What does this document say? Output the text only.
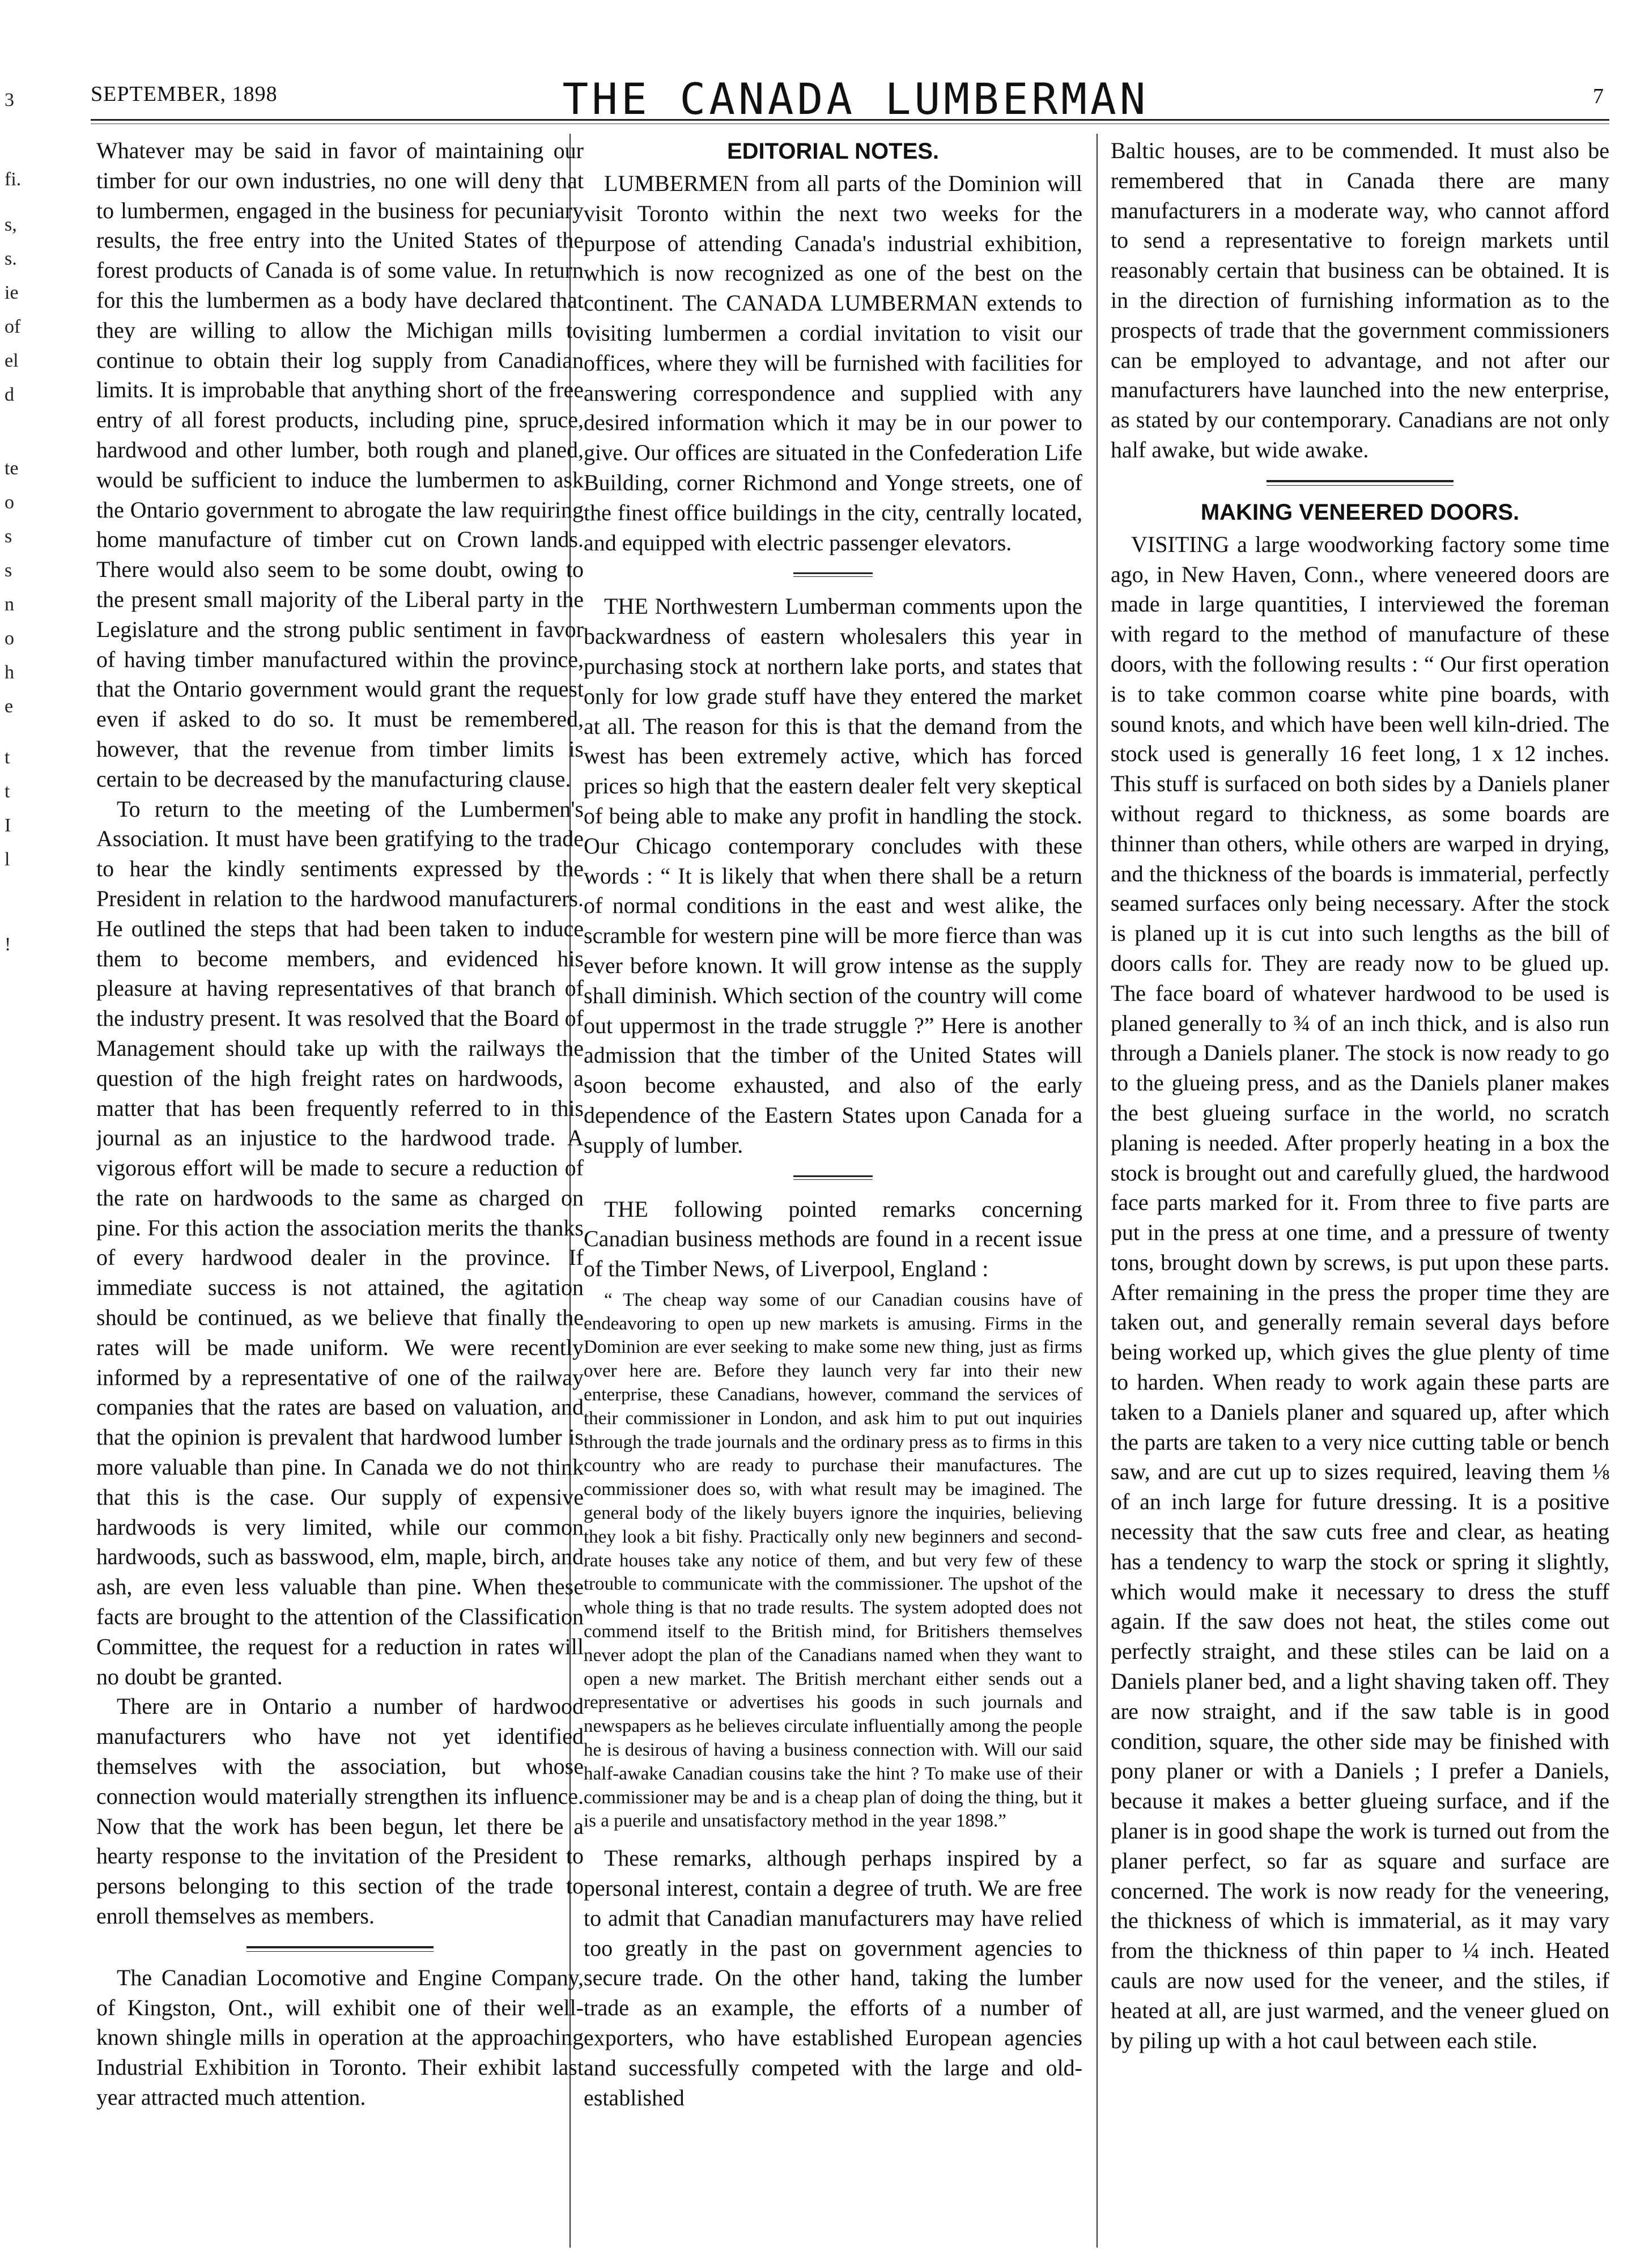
3
fi.
s,
s.
ie
of
el
d
te
o
s
s
n
o
h
e
t
t
I
l
!
SEPTEMBER, 1898	THE CANADA LUMBERMAN	7

Whatever may be said in favor of maintaining our timber for our own industries, no one will deny that to lumbermen, engaged in the business for pecuniary results, the free entry into the United States of the forest products of Canada is of some value. In return for this the lumbermen as a body have declared that they are willing to allow the Michigan mills to continue to obtain their log supply from Canadian limits. It is improbable that anything short of the free entry of all forest products, including pine, spruce, hardwood and other lumber, both rough and planed, would be sufficient to induce the lumbermen to ask the Ontario government to abrogate the law requiring home manufacture of timber cut on Crown lands. There would also seem to be some doubt, owing to the present small majority of the Liberal party in the Legislature and the strong public sentiment in favor of having timber manufactured within the province, that the Ontario government would grant the request even if asked to do so. It must be remembered, however, that the revenue from timber limits is certain to be decreased by the manufacturing clause.

To return to the meeting of the Lumbermen's Association. It must have been gratifying to the trade to hear the kindly sentiments expressed by the President in relation to the hardwood manufacturers. He outlined the steps that had been taken to induce them to become members, and evidenced his pleasure at having representatives of that branch of the industry present. It was resolved that the Board of Management should take up with the railways the question of the high freight rates on hardwoods, a matter that has been frequently referred to in this journal as an injustice to the hardwood trade. A vigorous effort will be made to secure a reduction of the rate on hardwoods to the same as charged on pine. For this action the association merits the thanks of every hardwood dealer in the province. If immediate success is not attained, the agitation should be continued, as we believe that finally the rates will be made uniform. We were recently informed by a representative of one of the railway companies that the rates are based on valuation, and that the opinion is prevalent that hardwood lumber is more valuable than pine. In Canada we do not think that this is the case. Our supply of expensive hardwoods is very limited, while our common hardwoods, such as basswood, elm, maple, birch, and ash, are even less valuable than pine. When these facts are brought to the attention of the Classification Committee, the request for a reduction in rates will no doubt be granted.

There are in Ontario a number of hardwood manufacturers who have not yet identified themselves with the association, but whose connection would materially strengthen its influence. Now that the work has been begun, let there be a hearty response to the invitation of the President to persons belonging to this section of the trade to enroll themselves as members.

The Canadian Locomotive and Engine Company, of Kingston, Ont., will exhibit one of their well-known shingle mills in operation at the approaching Industrial Exhibition in Toronto. Their exhibit last year attracted much attention.

EDITORIAL NOTES.

LUMBERMEN from all parts of the Dominion will visit Toronto within the next two weeks for the purpose of attending Canada's industrial exhibition, which is now recognized as one of the best on the continent. The CANADA LUMBERMAN extends to visiting lumbermen a cordial invitation to visit our offices, where they will be furnished with facilities for answering correspondence and supplied with any desired information which it may be in our power to give. Our offices are situated in the Confederation Life Building, corner Richmond and Yonge streets, one of the finest office buildings in the city, centrally located, and equipped with electric passenger elevators.

THE Northwestern Lumberman comments upon the backwardness of eastern wholesalers this year in purchasing stock at northern lake ports, and states that only for low grade stuff have they entered the market at all. The reason for this is that the demand from the west has been extremely active, which has forced prices so high that the eastern dealer felt very skeptical of being able to make any profit in handling the stock. Our Chicago contemporary concludes with these words : “ It is likely that when there shall be a return of normal conditions in the east and west alike, the scramble for western pine will be more fierce than was ever before known. It will grow intense as the supply shall diminish. Which section of the country will come out uppermost in the trade struggle ?” Here is another admission that the timber of the United States will soon become exhausted, and also of the early dependence of the Eastern States upon Canada for a supply of lumber.

THE following pointed remarks concerning Canadian business methods are found in a recent issue of the Timber News, of Liverpool, England :

“ The cheap way some of our Canadian cousins have of endeavoring to open up new markets is amusing. Firms in the Dominion are ever seeking to make some new thing, just as firms over here are. Before they launch very far into their new enterprise, these Canadians, however, command the services of their commissioner in London, and ask him to put out inquiries through the trade journals and the ordinary press as to firms in this country who are ready to purchase their manufactures. The commissioner does so, with what result may be imagined. The general body of the likely buyers ignore the inquiries, believing they look a bit fishy. Practically only new beginners and second-rate houses take any notice of them, and but very few of these trouble to communicate with the commissioner. The upshot of the whole thing is that no trade results. The system adopted does not commend itself to the British mind, for Britishers themselves never adopt the plan of the Canadians named when they want to open a new market. The British merchant either sends out a representative or advertises his goods in such journals and newspapers as he believes circulate influentially among the people he is desirous of having a business connection with. Will our said half-awake Canadian cousins take the hint ? To make use of their commissioner may be and is a cheap plan of doing the thing, but it is a puerile and unsatisfactory method in the year 1898.”

These remarks, although perhaps inspired by a personal interest, contain a degree of truth. We are free to admit that Canadian manufacturers may have relied too greatly in the past on government agencies to secure trade. On the other hand, taking the lumber trade as an example, the efforts of a number of exporters, who have established European agencies and successfully competed with the large and old-established

Baltic houses, are to be commended. It must also be remembered that in Canada there are many manufacturers in a moderate way, who cannot afford to send a representative to foreign markets until reasonably certain that business can be obtained. It is in the direction of furnishing information as to the prospects of trade that the government commissioners can be employed to advantage, and not after our manufacturers have launched into the new enterprise, as stated by our contemporary. Canadians are not only half awake, but wide awake.

MAKING VENEERED DOORS.

VISITING a large woodworking factory some time ago, in New Haven, Conn., where veneered doors are made in large quantities, I interviewed the foreman with regard to the method of manufacture of these doors, with the following results : “ Our first operation is to take common coarse white pine boards, with sound knots, and which have been well kiln-dried. The stock used is generally 16 feet long, 1 x 12 inches. This stuff is surfaced on both sides by a Daniels planer without regard to thickness, as some boards are thinner than others, while others are warped in drying, and the thickness of the boards is immaterial, perfectly seamed surfaces only being necessary. After the stock is planed up it is cut into such lengths as the bill of doors calls for. They are ready now to be glued up. The face board of whatever hardwood to be used is planed generally to ¾ of an inch thick, and is also run through a Daniels planer. The stock is now ready to go to the glueing press, and as the Daniels planer makes the best glueing surface in the world, no scratch planing is needed. After properly heating in a box the stock is brought out and carefully glued, the hardwood face parts marked for it. From three to five parts are put in the press at one time, and a pressure of twenty tons, brought down by screws, is put upon these parts. After remaining in the press the proper time they are taken out, and generally remain several days before being worked up, which gives the glue plenty of time to harden. When ready to work again these parts are taken to a Daniels planer and squared up, after which the parts are taken to a very nice cutting table or bench saw, and are cut up to sizes required, leaving them ⅛ of an inch large for future dressing. It is a positive necessity that the saw cuts free and clear, as heating has a tendency to warp the stock or spring it slightly, which would make it necessary to dress the stuff again. If the saw does not heat, the stiles come out perfectly straight, and these stiles can be laid on a Daniels planer bed, and a light shaving taken off. They are now straight, and if the saw table is in good condition, square, the other side may be finished with pony planer or with a Daniels ; I prefer a Daniels, because it makes a better glueing surface, and if the planer is in good shape the work is turned out from the planer perfect, so far as square and surface are concerned. The work is now ready for the veneering, the thickness of which is immaterial, as it may vary from the thickness of thin paper to ¼ inch. Heated cauls are now used for the veneer, and the stiles, if heated at all, are just warmed, and the veneer glued on by piling up with a hot caul between each stile.
